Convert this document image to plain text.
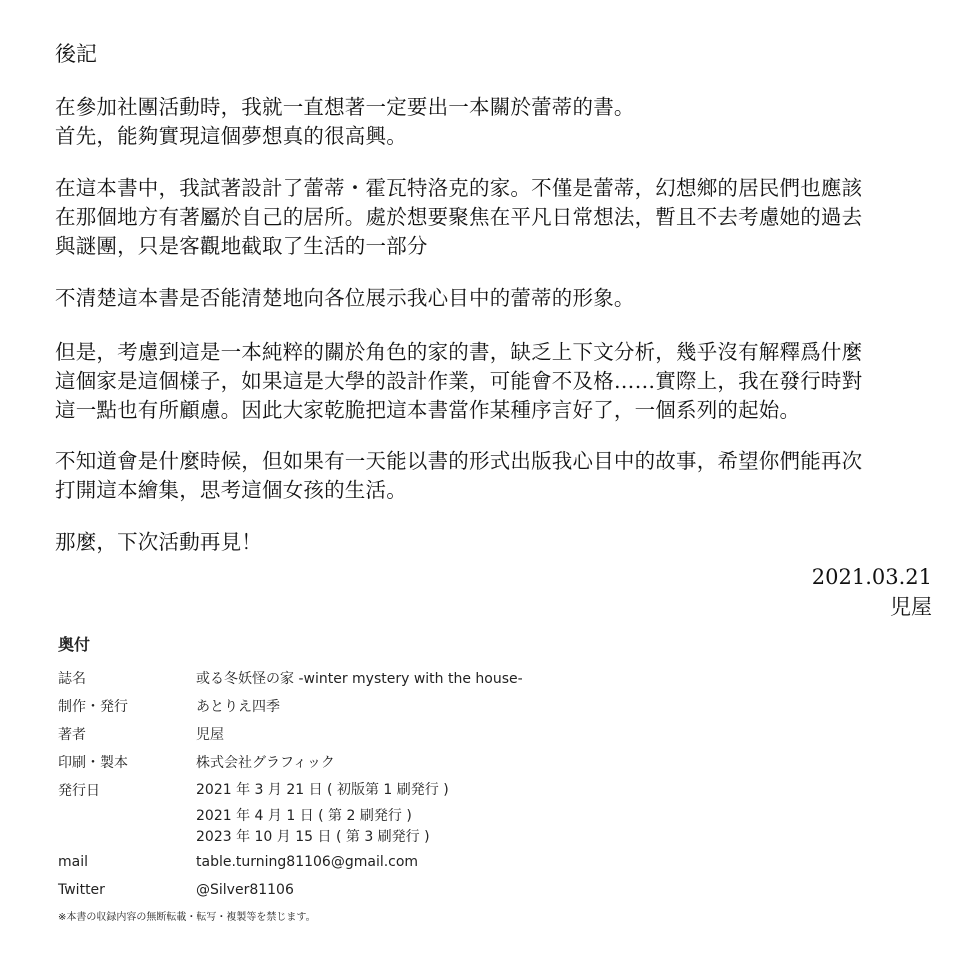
後記
在參加社團活動時，我就一直想著一定要出一本關於蕾蒂的書。
首先，能夠實現這個夢想真的很高興。
在這本書中，我試著設計了蕾蒂・霍瓦特洛克的家。不僅是蕾蒂，幻想鄉的居民們也應該
在那個地方有著屬於自己的居所。處於想要聚焦在平凡日常想法，暫且不去考慮她的過去
與謎團，只是客觀地截取了生活的一部分
不清楚這本書是否能清楚地向各位展示我心目中的蕾蒂的形象。
但是，考慮到這是一本純粹的關於角色的家的書，缺乏上下文分析，幾乎沒有解釋爲什麼
這個家是這個樣子，如果這是大學的設計作業，可能會不及格……實際上，我在發行時對
這一點也有所顧慮。因此大家乾脆把這本書當作某種序言好了，一個系列的起始。
不知道會是什麼時候，但如果有一天能以書的形式出版我心目中的故事，希望你們能再次
打開這本繪集，思考這個女孩的生活。
那麼，下次活動再見！
2021.03.21
児屋
奥付
誌名	或る冬妖怪の家 -winter mystery with the house-
制作・発行	あとりえ四季
著者	児屋
印刷・製本	株式会社グラフィック
発行日	2021 年 3 月 21 日 ( 初版第 1 刷発行 )
2021 年 4 月 1 日 ( 第 2 刷発行 )
2023 年 10 月 15 日 ( 第 3 刷発行 )
mail	table.turning81106@gmail.com
Twitter	@Silver81106
※本書の収録内容の無断転載・転写・複製等を禁じます。
